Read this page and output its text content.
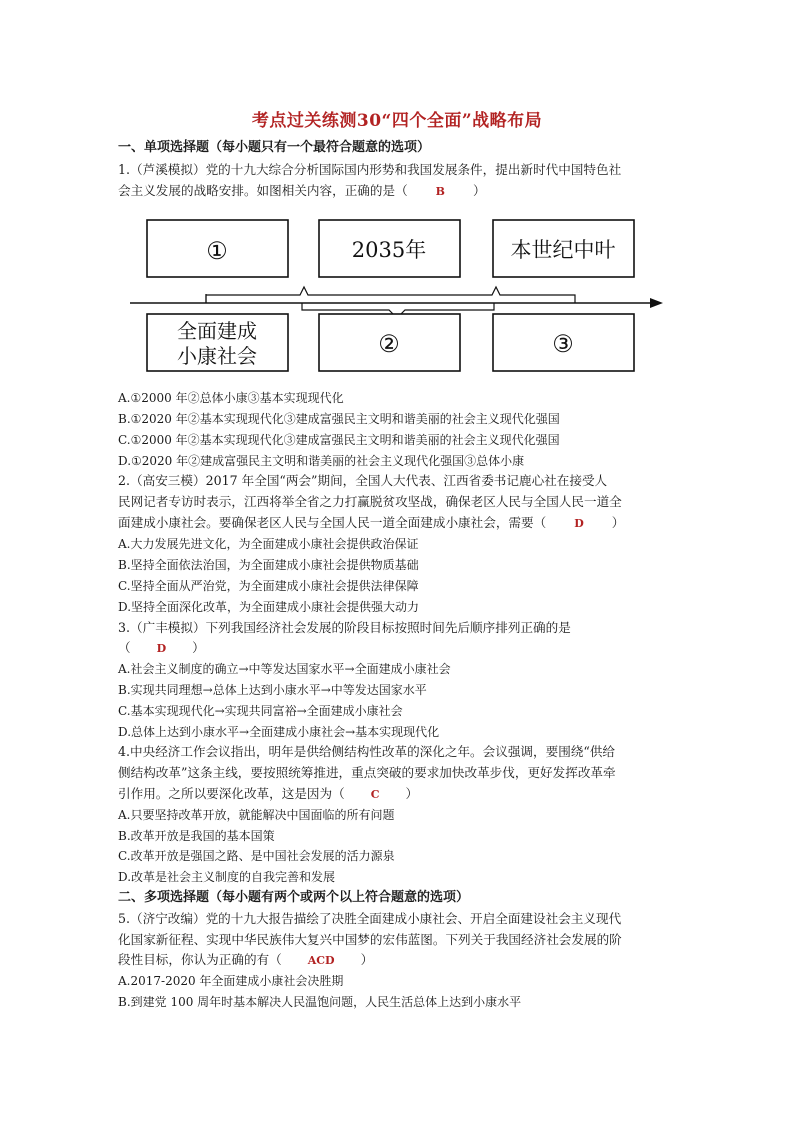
考点过关练测30“四个全面”战略布局
一、单项选择题（每小题只有一个最符合题意的选项）
1.（芦溪模拟）党的十九大综合分析国际国内形势和我国发展条件，提出新时代中国特色社
会主义发展的战略安排。如图相关内容，正确的是（	B ）
①	2035年	本世纪中叶
全面建成
小康社会	②	③
A.①2000 年②总体小康③基本实现现代化
B.①2020 年②基本实现现代化③建成富强民主文明和谐美丽的社会主义现代化强国
C.①2000 年②基本实现现代化③建成富强民主文明和谐美丽的社会主义现代化强国
D.①2020 年②建成富强民主文明和谐美丽的社会主义现代化强国③总体小康
2.（高安三模）2017 年全国“两会”期间，全国人大代表、江西省委书记鹿心社在接受人
民网记者专访时表示，江西将举全省之力打赢脱贫攻坚战，确保老区人民与全国人民一道全
面建成小康社会。要确保老区人民与全国人民一道全面建成小康社会，需要（	D ）
A.大力发展先进文化，为全面建成小康社会提供政治保证
B.坚持全面依法治国，为全面建成小康社会提供物质基础
C.坚持全面从严治党，为全面建成小康社会提供法律保障
D.坚持全面深化改革，为全面建成小康社会提供强大动力
3.（广丰模拟）下列我国经济社会发展的阶段目标按照时间先后顺序排列正确的是
（ D ）
A.社会主义制度的确立→中等发达国家水平→全面建成小康社会
B.实现共同理想→总体上达到小康水平→中等发达国家水平
C.基本实现现代化→实现共同富裕→全面建成小康社会
D.总体上达到小康水平→全面建成小康社会→基本实现现代化
4.中央经济工作会议指出，明年是供给侧结构性改革的深化之年。会议强调，要围绕“供给
侧结构改革”这条主线，要按照统筹推进，重点突破的要求加快改革步伐，更好发挥改革牵
引作用。之所以要深化改革，这是因为（ C ）
A.只要坚持改革开放，就能解决中国面临的所有问题
B.改革开放是我国的基本国策
C.改革开放是强国之路、是中国社会发展的活力源泉
D.改革是社会主义制度的自我完善和发展
二、多项选择题（每小题有两个或两个以上符合题意的选项）
5.（济宁改编）党的十九大报告描绘了决胜全面建成小康社会、开启全面建设社会主义现代
化国家新征程、实现中华民族伟大复兴中国梦的宏伟蓝图。下列关于我国经济社会发展的阶
段性目标，你认为正确的有（ ACD ）
A.2017-2020 年全面建成小康社会决胜期
B.到建党 100 周年时基本解决人民温饱问题，人民生活总体上达到小康水平
